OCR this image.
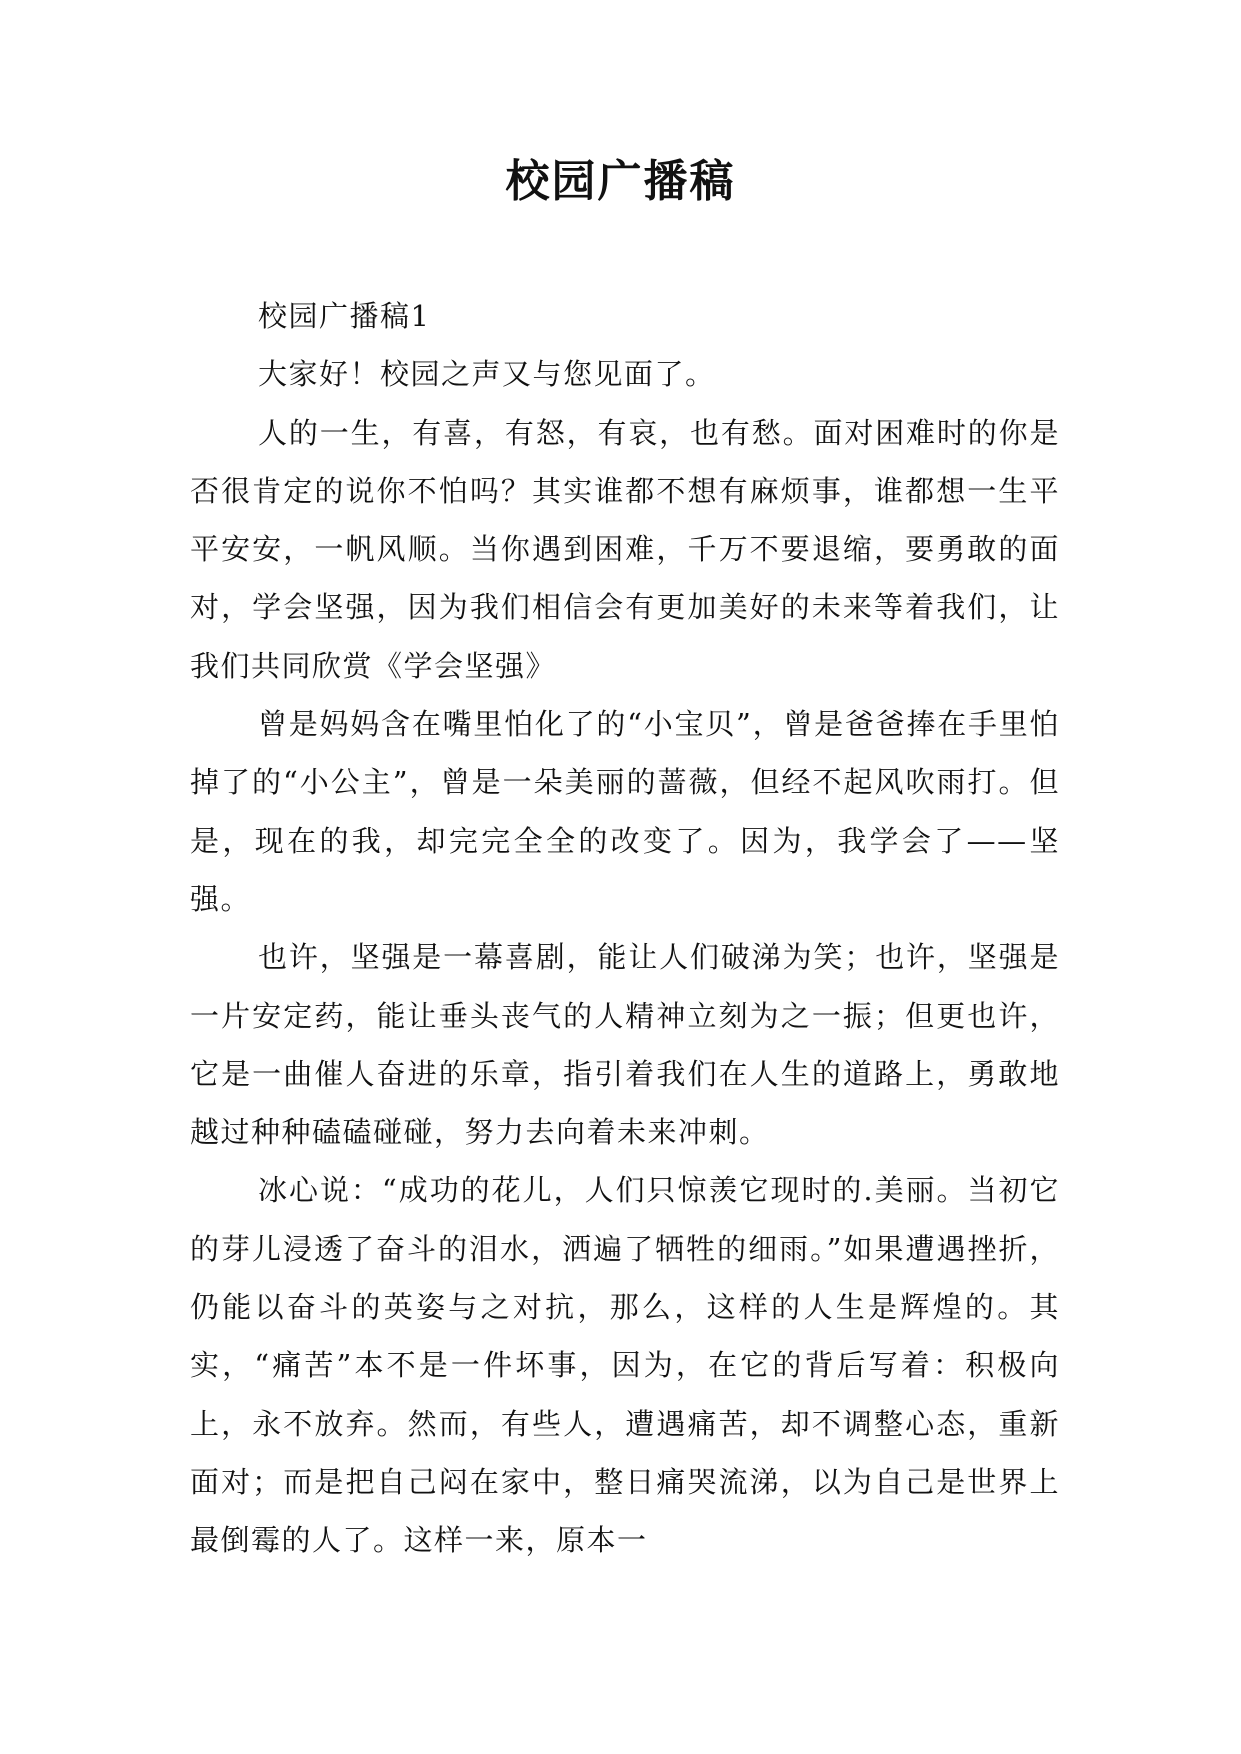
校园广播稿

校园广播稿1

大家好！校园之声又与您见面了。

人的一生，有喜，有怒，有哀，也有愁。面对困难时的你是否很肯定的说你不怕吗？其实谁都不想有麻烦事，谁都想一生平平安安，一帆风顺。当你遇到困难，千万不要退缩，要勇敢的面对，学会坚强，因为我们相信会有更加美好的未来等着我们，让我们共同欣赏《学会坚强》

曾是妈妈含在嘴里怕化了的“小宝贝”，曾是爸爸捧在手里怕掉了的“小公主”，曾是一朵美丽的蔷薇，但经不起风吹雨打。但是，现在的我，却完完全全的改变了。因为，我学会了——坚强。

也许，坚强是一幕喜剧，能让人们破涕为笑；也许，坚强是一片安定药，能让垂头丧气的人精神立刻为之一振；但更也许，它是一曲催人奋进的乐章，指引着我们在人生的道路上，勇敢地越过种种磕磕碰碰，努力去向着未来冲刺。

冰心说：“成功的花儿，人们只惊羡它现时的.美丽。当初它的芽儿浸透了奋斗的泪水，洒遍了牺牲的细雨。”如果遭遇挫折，仍能以奋斗的英姿与之对抗，那么，这样的人生是辉煌的。其实，“痛苦”本不是一件坏事，因为，在它的背后写着：积极向上，永不放弃。然而，有些人，遭遇痛苦，却不调整心态，重新面对；而是把自己闷在家中，整日痛哭流涕，以为自己是世界上最倒霉的人了。这样一来，原本一
